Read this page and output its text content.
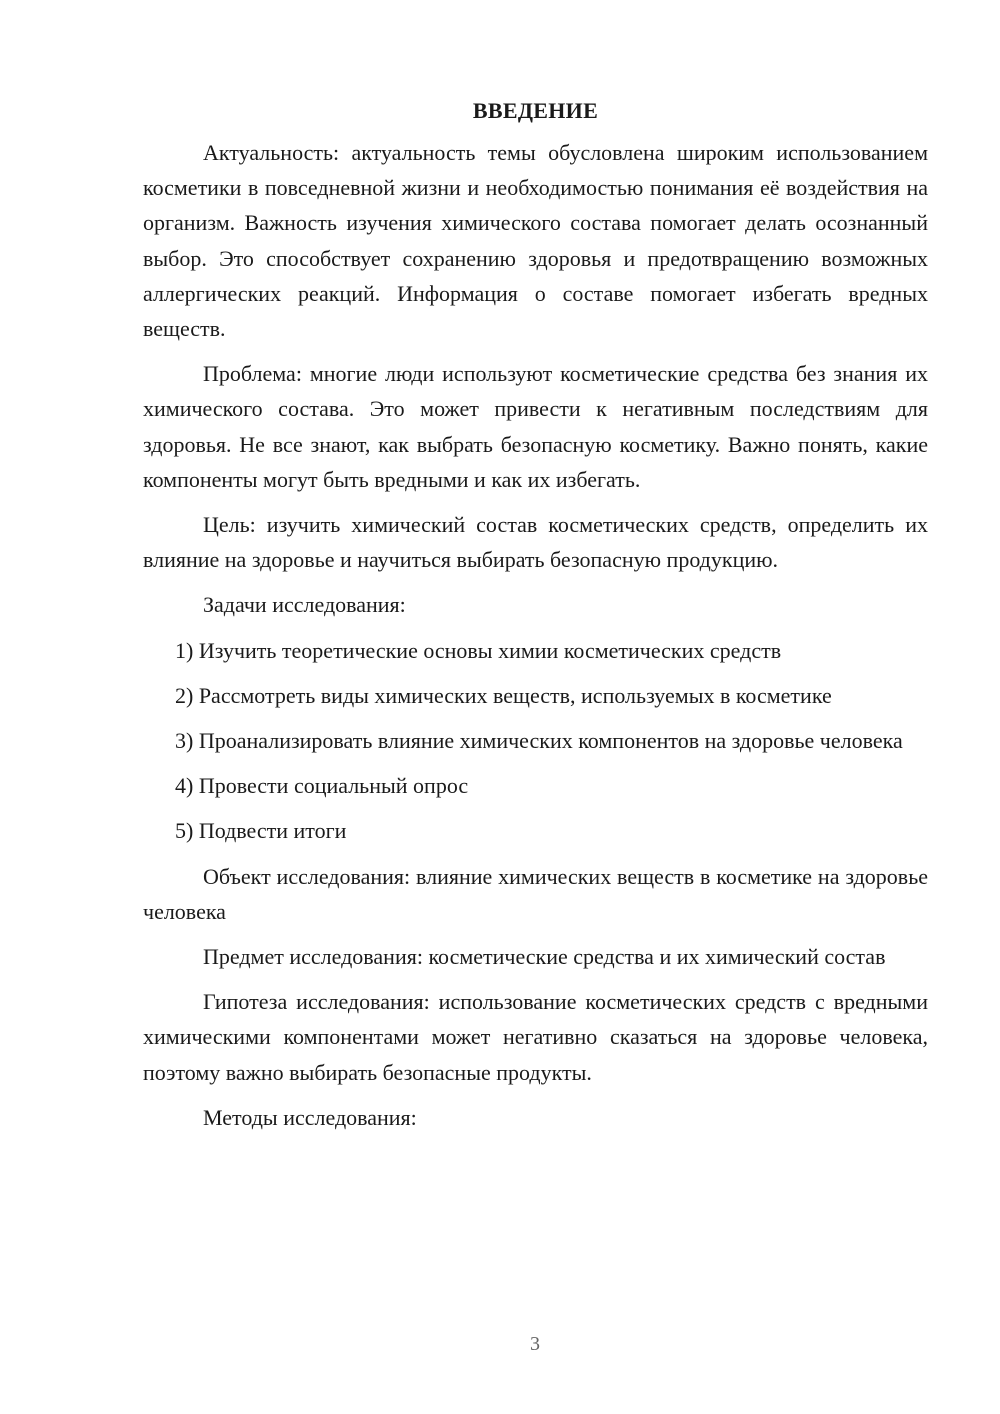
ВВЕДЕНИЕ

Актуальность: актуальность темы обусловлена широким использованием косметики в повседневной жизни и необходимостью понимания её воздействия на организм. Важность изучения химического состава помогает делать осознанный выбор. Это способствует сохранению здоровья и предотвращению возможных аллергических реакций. Информация о составе помогает избегать вредных веществ.

Проблема: многие люди используют косметические средства без знания их химического состава. Это может привести к негативным последствиям для здоровья. Не все знают, как выбрать безопасную косметику. Важно понять, какие компоненты могут быть вредными и как их избегать.

Цель: изучить химический состав косметических средств, определить их влияние на здоровье и научиться выбирать безопасную продукцию.

Задачи исследования:

1) Изучить теоретические основы химии косметических средств

2) Рассмотреть виды химических веществ, используемых в косметике

3) Проанализировать влияние химических компонентов на здоровье человека

4) Провести социальный опрос

5) Подвести итоги

Объект исследования: влияние химических веществ в косметике на здоровье человека

Предмет исследования: косметические средства и их химический состав

Гипотеза исследования: использование косметических средств с вредными химическими компонентами может негативно сказаться на здоровье человека, поэтому важно выбирать безопасные продукты.

Методы исследования:

3
